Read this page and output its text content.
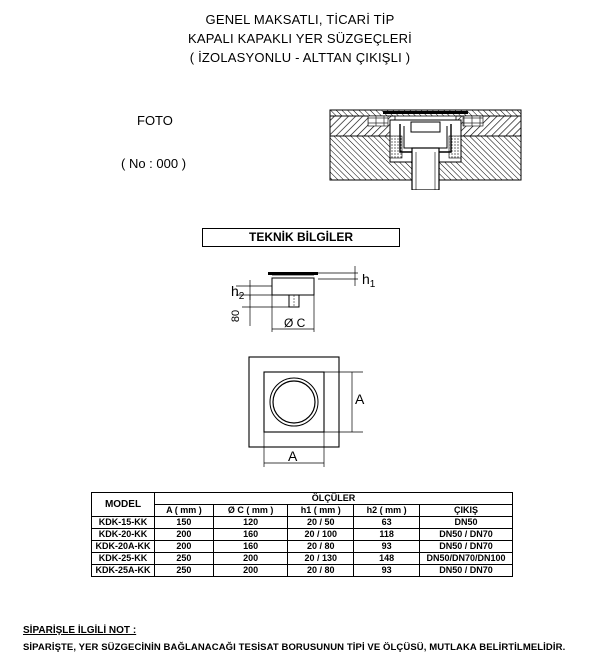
GENEL MAKSATLI, TİCARİ TİP
KAPALI KAPAKLI YER SÜZGEÇLERİ
( İZOLASYONLU - ALTTAN ÇIKIŞLI )
FOTO
( No : 000 )
TEKNİK BİLGİLER
$h_1$
$h_2$
80	Ø C
A
A
MODEL	ÖLÇÜLER				
	A ( mm )	Ø C ( mm )	h1 ( mm )	h2 ( mm )	ÇIKIŞ
KDK-15-KK	150	120	20 / 50	63	DN50
KDK-20-KK	200	160	20 / 100	118	DN50 / DN70
KDK-20A-KK	200	160	20 / 80	93	DN50 / DN70
KDK-25-KK	250	200	20 / 130	148	DN50/DN70/DN100
KDK-25A-KK	250	200	20 / 80	93	DN50 / DN70
SİPARİŞLE İLGİLİ NOT :
SİPARİŞTE, YER SÜZGECİNİN BAĞLANACAĞI TESİSAT BORUSUNUN TİPİ VE ÖLÇÜSÜ, MUTLAKA BELİRTİLMELİDİR.
